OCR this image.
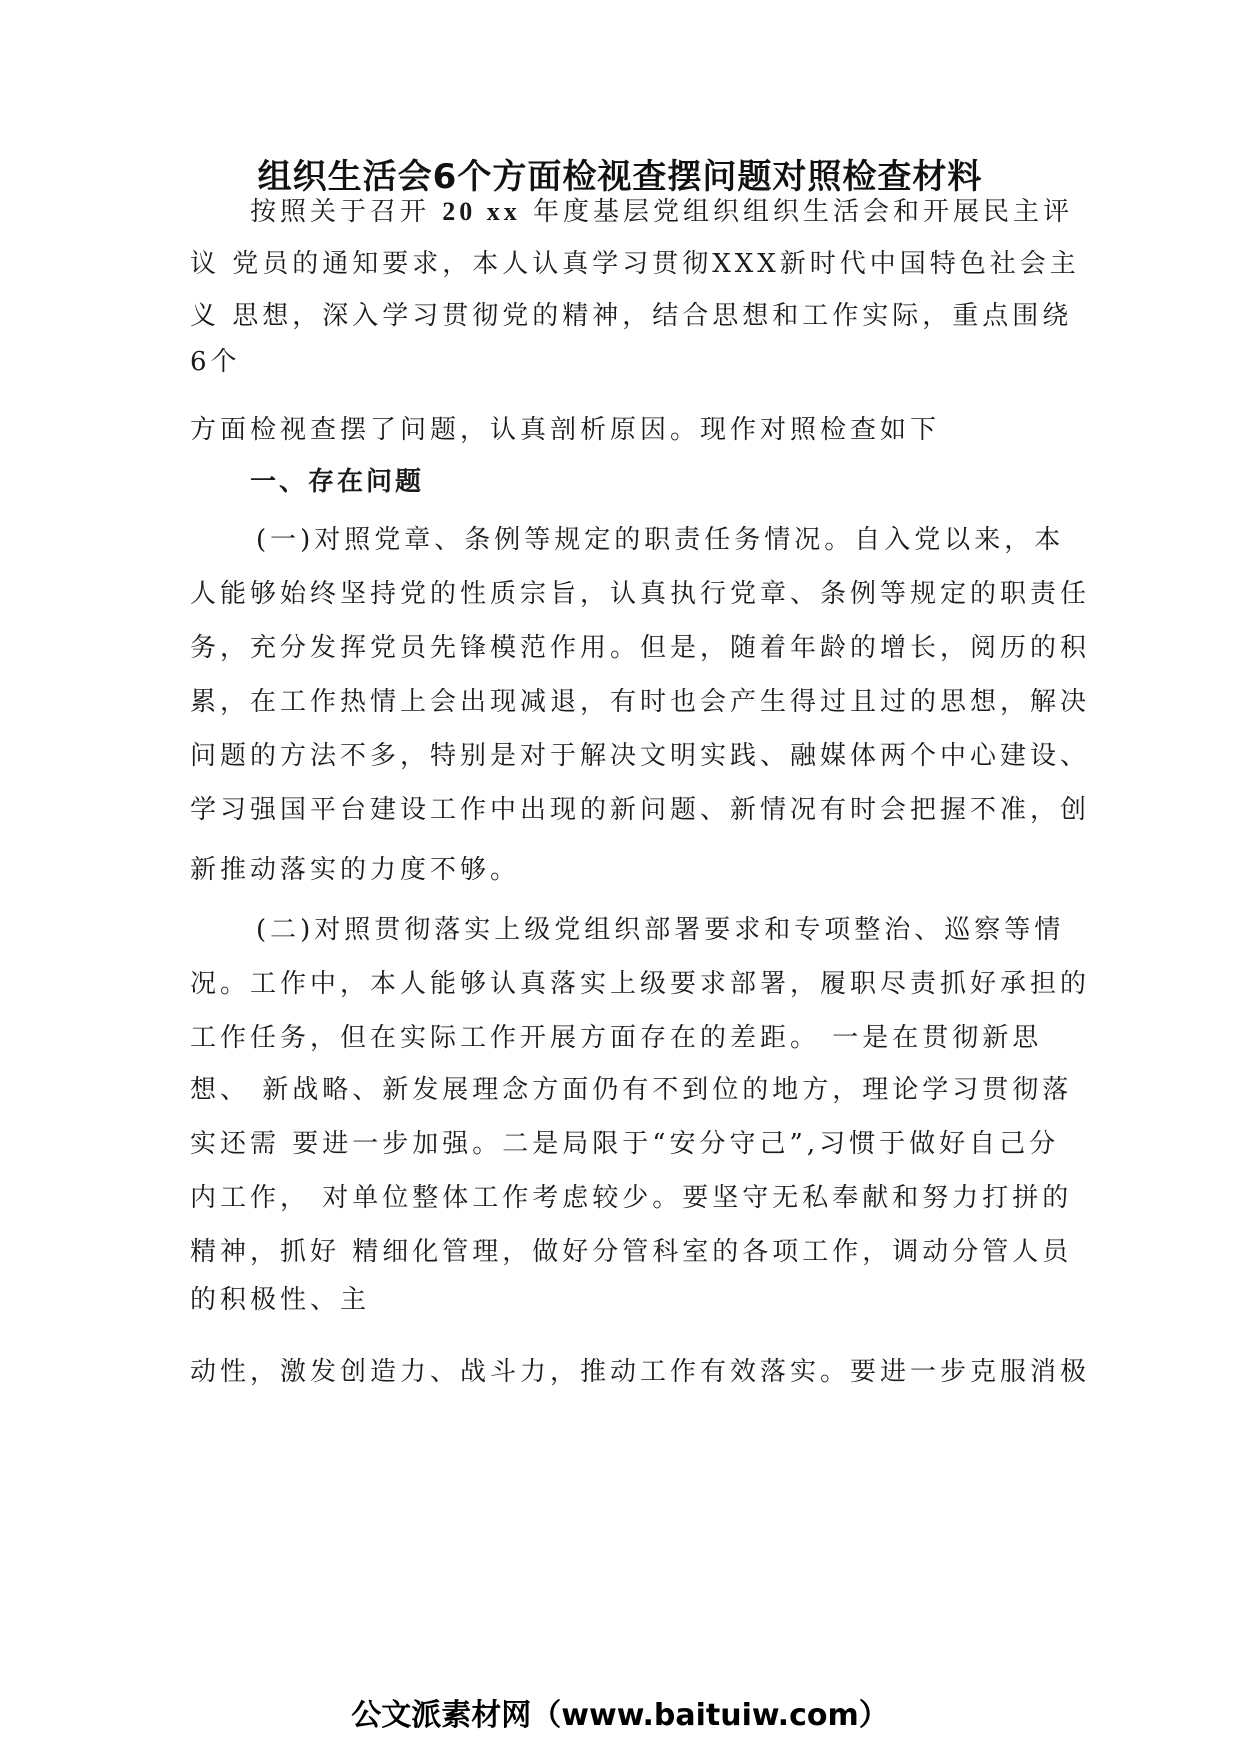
组织生活会6个方面检视查摆问题对照检查材料
按照关于召开 20 xx 年度基层党组织组织生活会和开展民主评
议 党员的通知要求，本人认真学习贯彻XXX新时代中国特色社会主
义 思想，深入学习贯彻党的精神，结合思想和工作实际，重点围绕
6个
方面检视查摆了问题，认真剖析原因。现作对照检查如下
一、存在问题
(一)对照党章、条例等规定的职责任务情况。自入党以来，本
人能够始终坚持党的性质宗旨，认真执行党章、条例等规定的职责任
务，充分发挥党员先锋模范作用。但是，随着年龄的增长，阅历的积
累，在工作热情上会出现减退，有时也会产生得过且过的思想，解决
问题的方法不多，特别是对于解决文明实践、融媒体两个中心建设、
学习强国平台建设工作中出现的新问题、新情况有时会把握不准，创
新推动落实的力度不够。
(二)对照贯彻落实上级党组织部署要求和专项整治、巡察等情
况。工作中，本人能够认真落实上级要求部署，履职尽责抓好承担的
工作任务，但在实际工作开展方面存在的差距。 一是在贯彻新思
想、 新战略、新发展理念方面仍有不到位的地方，理论学习贯彻落
实还需 要进一步加强。二是局限于“安分守己”,习惯于做好自己分
内工作， 对单位整体工作考虑较少。要坚守无私奉献和努力打拼的
精神，抓好 精细化管理，做好分管科室的各项工作，调动分管人员
的积极性、主
动性，激发创造力、战斗力，推动工作有效落实。要进一步克服消极
公文派素材网（www.baituiw.com）
